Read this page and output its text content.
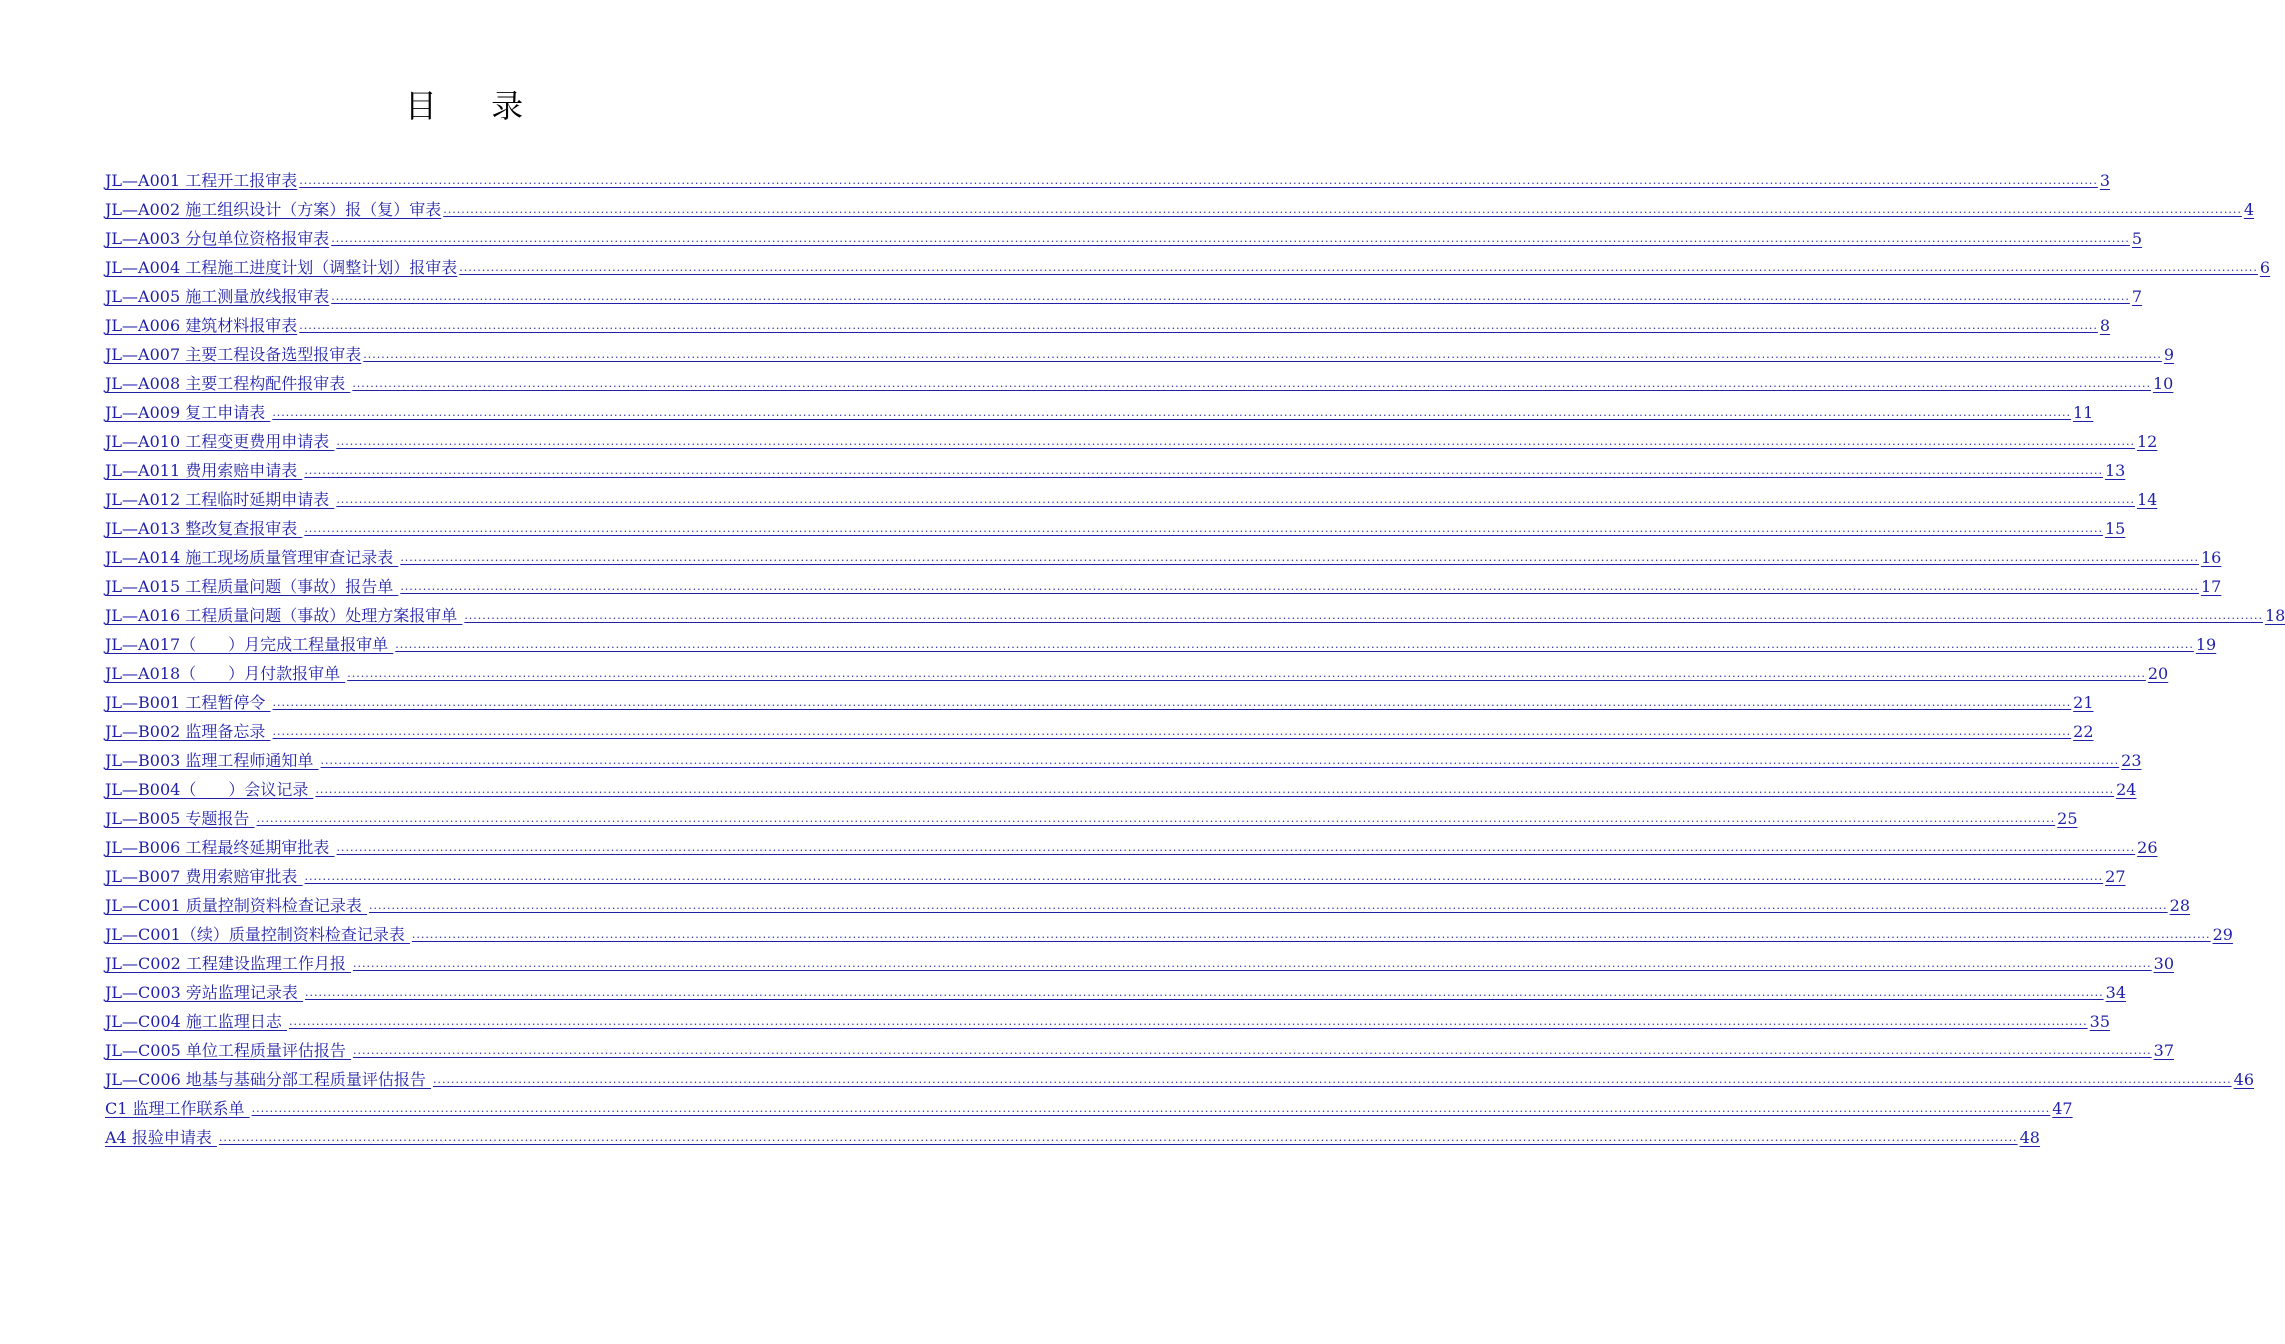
目 录
JL—A001 工程开工报审表 ................................................................................................................................................................................................................................................................................................................................................................................................................ 3
JL—A002 施工组织设计（方案）报（复）审表 ................................................................................................................................................................................................................................................................................................................................................................................................................ 4
JL—A003 分包单位资格报审表 ................................................................................................................................................................................................................................................................................................................................................................................................................ 5
JL—A004 工程施工进度计划（调整计划）报审表 ................................................................................................................................................................................................................................................................................................................................................................................................................ 6
JL—A005 施工测量放线报审表 ................................................................................................................................................................................................................................................................................................................................................................................................................ 7
JL—A006 建筑材料报审表 ................................................................................................................................................................................................................................................................................................................................................................................................................ 8
JL—A007 主要工程设备选型报审表 ................................................................................................................................................................................................................................................................................................................................................................................................................ 9
JL—A008 主要工程构配件报审表 ................................................................................................................................................................................................................................................................................................................................................................................................................ 10
JL—A009 复工申请表 ................................................................................................................................................................................................................................................................................................................................................................................................................ 11
JL—A010 工程变更费用申请表 ................................................................................................................................................................................................................................................................................................................................................................................................................ 12
JL—A011 费用索赔申请表 ................................................................................................................................................................................................................................................................................................................................................................................................................ 13
JL—A012 工程临时延期申请表 ................................................................................................................................................................................................................................................................................................................................................................................................................ 14
JL—A013 整改复查报审表 ................................................................................................................................................................................................................................................................................................................................................................................................................ 15
JL—A014 施工现场质量管理审查记录表 ................................................................................................................................................................................................................................................................................................................................................................................................................ 16
JL—A015 工程质量问题（事故）报告单 ................................................................................................................................................................................................................................................................................................................................................................................................................ 17
JL—A016 工程质量问题（事故）处理方案报审单 ................................................................................................................................................................................................................................................................................................................................................................................................................ 18
JL—A017（　　）月完成工程量报审单 ................................................................................................................................................................................................................................................................................................................................................................................................................ 19
JL—A018（　　）月付款报审单 ................................................................................................................................................................................................................................................................................................................................................................................................................ 20
JL—B001 工程暂停令 ................................................................................................................................................................................................................................................................................................................................................................................................................ 21
JL—B002 监理备忘录 ................................................................................................................................................................................................................................................................................................................................................................................................................ 22
JL—B003 监理工程师通知单 ................................................................................................................................................................................................................................................................................................................................................................................................................ 23
JL—B004（　　）会议记录 ................................................................................................................................................................................................................................................................................................................................................................................................................ 24
JL—B005 专题报告 ................................................................................................................................................................................................................................................................................................................................................................................................................ 25
JL—B006 工程最终延期审批表 ................................................................................................................................................................................................................................................................................................................................................................................................................ 26
JL—B007 费用索赔审批表 ................................................................................................................................................................................................................................................................................................................................................................................................................ 27
JL—C001 质量控制资料检查记录表 ................................................................................................................................................................................................................................................................................................................................................................................................................ 28
JL—C001（续）质量控制资料检查记录表 ................................................................................................................................................................................................................................................................................................................................................................................................................ 29
JL—C002 工程建设监理工作月报 ................................................................................................................................................................................................................................................................................................................................................................................................................ 30
JL—C003 旁站监理记录表 ................................................................................................................................................................................................................................................................................................................................................................................................................ 34
JL—C004 施工监理日志 ................................................................................................................................................................................................................................................................................................................................................................................................................ 35
JL—C005 单位工程质量评估报告 ................................................................................................................................................................................................................................................................................................................................................................................................................ 37
JL—C006 地基与基础分部工程质量评估报告 ................................................................................................................................................................................................................................................................................................................................................................................................................ 46
C1 监理工作联系单 ................................................................................................................................................................................................................................................................................................................................................................................................................ 47
A4 报验申请表 ................................................................................................................................................................................................................................................................................................................................................................................................................ 48
